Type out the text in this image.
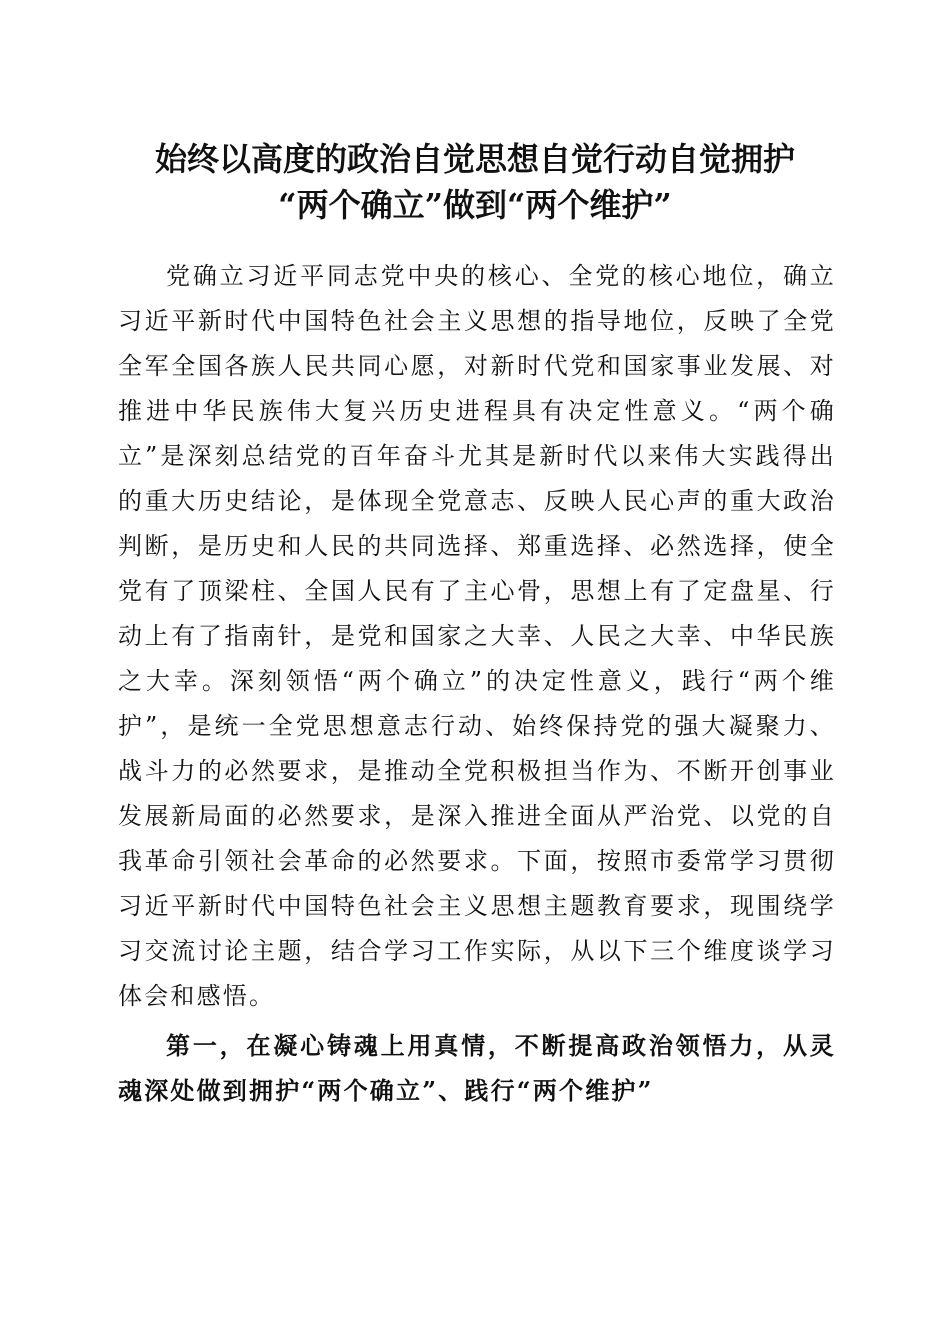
始终以高度的政治自觉思想自觉行动自觉拥护
“两个确立”做到“两个维护”

党确立习近平同志党中央的核心、全党的核心地位，确立习近平新时代中国特色社会主义思想的指导地位，反映了全党全军全国各族人民共同心愿，对新时代党和国家事业发展、对推进中华民族伟大复兴历史进程具有决定性意义。“两个确立”是深刻总结党的百年奋斗尤其是新时代以来伟大实践得出的重大历史结论，是体现全党意志、反映人民心声的重大政治判断，是历史和人民的共同选择、郑重选择、必然选择，使全党有了顶梁柱、全国人民有了主心骨，思想上有了定盘星、行动上有了指南针，是党和国家之大幸、人民之大幸、中华民族之大幸。深刻领悟“两个确立”的决定性意义，践行“两个维护”，是统一全党思想意志行动、始终保持党的强大凝聚力、战斗力的必然要求，是推动全党积极担当作为、不断开创事业发展新局面的必然要求，是深入推进全面从严治党、以党的自我革命引领社会革命的必然要求。下面，按照市委常学习贯彻习近平新时代中国特色社会主义思想主题教育要求，现围绕学习交流讨论主题，结合学习工作实际，从以下三个维度谈学习体会和感悟。

第一，在凝心铸魂上用真情，不断提高政治领悟力，从灵魂深处做到拥护“两个确立”、践行“两个维护”
